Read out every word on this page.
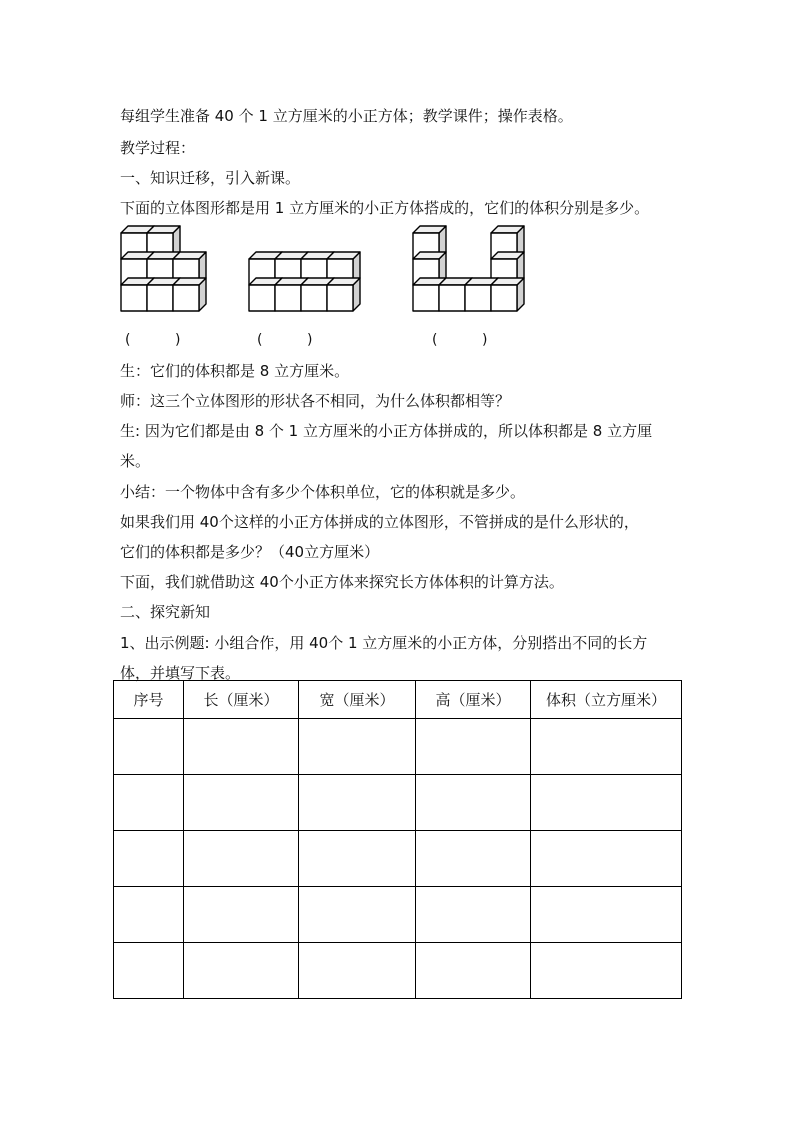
每组学生准备 40 个 1 立方厘米的小正方体；教学课件；操作表格。
教学过程：
一、知识迁移，引入新课。
下面的立体图形都是用 1 立方厘米的小正方体搭成的，它们的体积分别是多少。
(          )	(          )	(          )
生：它们的体积都是 8 立方厘米。
师：这三个立体图形的形状各不相同，为什么体积都相等？
生: 因为它们都是由 8 个 1 立方厘米的小正方体拼成的，所以体积都是 8 立方厘
米。
小结：一个物体中含有多少个体积单位，它的体积就是多少。
如果我们用 40个这样的小正方体拼成的立体图形，不管拼成的是什么形状的，
它们的体积都是多少？（40立方厘米）
下面，我们就借助这 40个小正方体来探究长方体体积的计算方法。
二、探究新知
1、出示例题: 小组合作，用 40个 1 立方厘米的小正方体，分别搭出不同的长方
体，并填写下表。
序号	长（厘米）	宽（厘米）	高（厘米）	体积（立方厘米）
